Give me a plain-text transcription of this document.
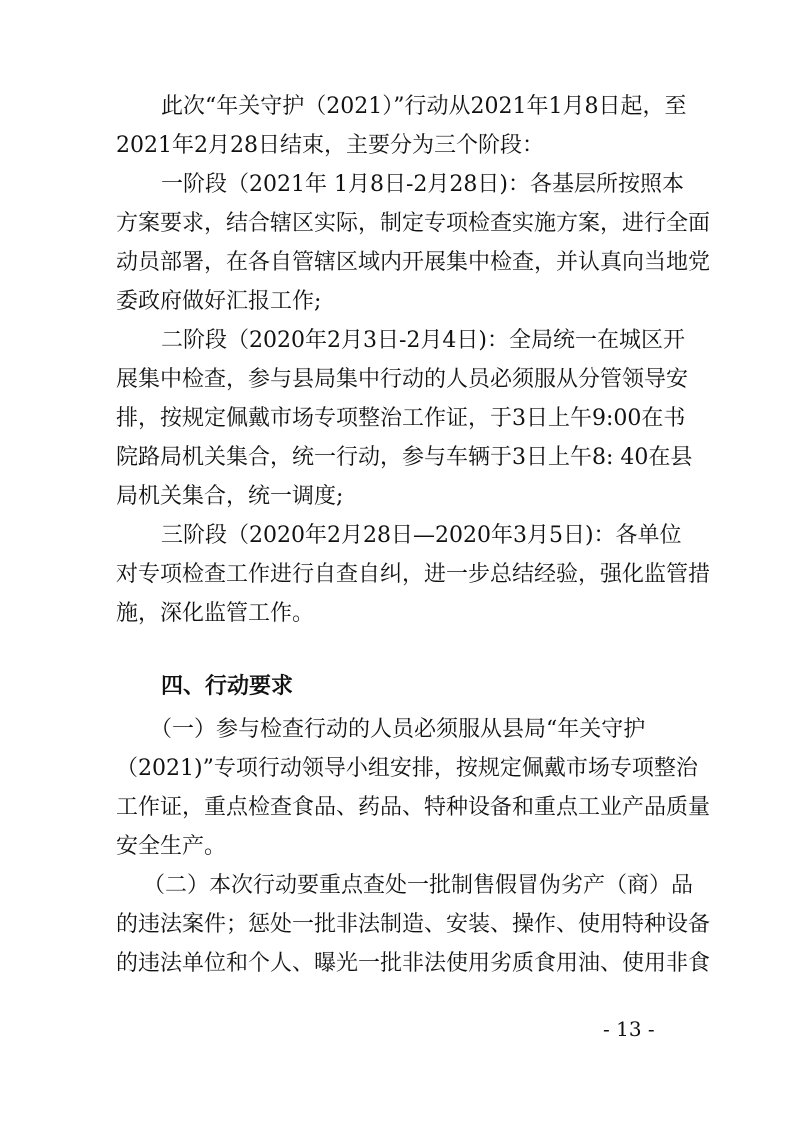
此次“年关守护（2021）”行动从2021年1月8日起，至
2021年2月28日结束，主要分为三个阶段：
一阶段（2021年 1月8日-2月28日)：各基层所按照本
方案要求，结合辖区实际，制定专项检查实施方案，进行全面
动员部署，在各自管辖区域内开展集中检查，并认真向当地党
委政府做好汇报工作;
二阶段（2020年2月3日-2月4日)：全局统一在城区开
展集中检查，参与县局集中行动的人员必须服从分管领导安
排，按规定佩戴市场专项整治工作证，于3日上午9:00在书
院路局机关集合，统一行动，参与车辆于3日上午8: 40在县
局机关集合，统一调度;
三阶段（2020年2月28日—2020年3月5日)：各单位
对专项检查工作进行自查自纠，进一步总结经验，强化监管措
施，深化监管工作。
四、行动要求
（一）参与检查行动的人员必须服从县局“年关守护
（2021)”专项行动领导小组安排，按规定佩戴市场专项整治
工作证，重点检查食品、药品、特种设备和重点工业产品质量
安全生产。
（二）本次行动要重点查处一批制售假冒伪劣产（商）品
的违法案件；惩处一批非法制造、安装、操作、使用特种设备
的违法单位和个人、曝光一批非法使用劣质食用油、使用非食
- 13 -
